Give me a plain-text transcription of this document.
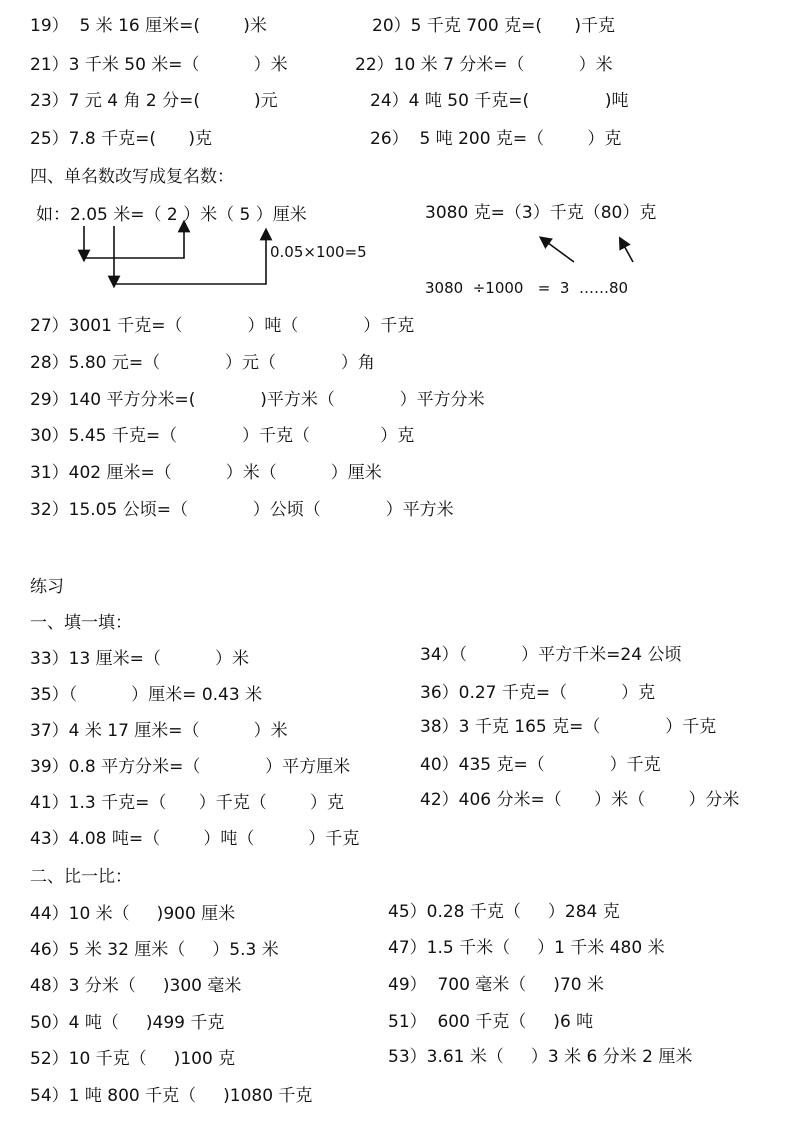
19）  5 米 16 厘米=(        )米	20）5 千克 700 克=(      )千克

21）3 千米 50 米=（          ）米	22）10 米 7 分米=（          ）米

23）7 元 4 角 2 分=(          )元	24）4 吨 50 千克=(              )吨

25）7.8 千克=(      )克	26）  5 吨 200 克=（        ）克

四、单名数改写成复名数：

如：2.05 米=（ 2 ）米（ 5 ）厘米

0.05×100=5

3080 克=（3）千克（80）克

3080  ÷1000   =  3  ……80

27）3001 千克=（            ）吨（            ）千克

28）5.80 元=（            ）元（            ）角

29）140 平方分米=(            )平方米（            ）平方分米

30）5.45 千克=（            ）千克（             ）克

31）402 厘米=（          ）米（          ）厘米

32）15.05 公顷=（            ）公顷（            ）平方米

练习

一、填一填：

33）13 厘米=（          ）米	34）（          ）平方千米=24 公顷

35）（          ）厘米= 0.43 米	36）0.27 千克=（          ）克

37）4 米 17 厘米=（          ）米	38）3 千克 165 克=（            ）千克

39）0.8 平方分米=（            ）平方厘米	40）435 克=（            ）千克

41）1.3 千克=（      ）千克（        ）克	42）406 分米=（      ）米（        ）分米

43）4.08 吨=（        ）吨（          ）千克

二、比一比：

44）10 米（     )900 厘米	45）0.28 千克（     ）284 克

46）5 米 32 厘米（     ）5.3 米	47）1.5 千米（     ）1 千米 480 米

48）3 分米（     )300 毫米	49）  700 毫米（     )70 米

50）4 吨（     )499 千克	51）  600 千克（     )6 吨

52）10 千克（     )100 克	53）3.61 米（     ）3 米 6 分米 2 厘米

54）1 吨 800 千克（     )1080 千克
